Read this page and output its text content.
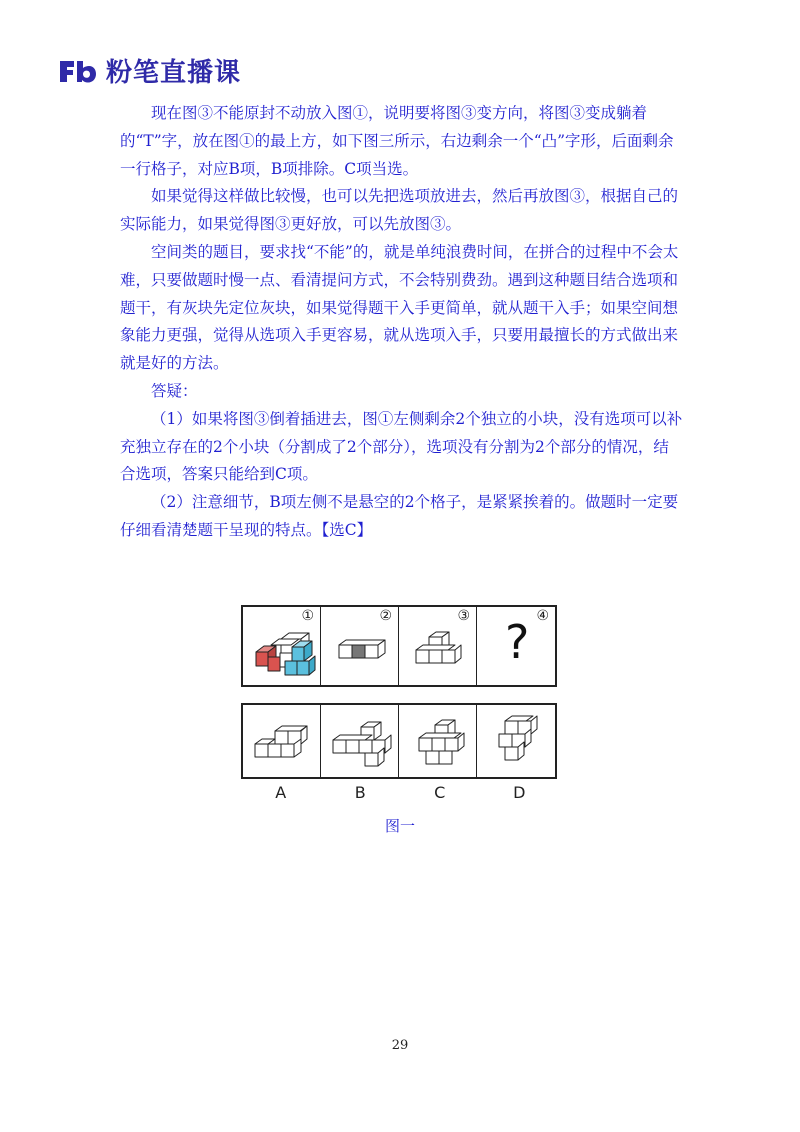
粉笔直播课

现在图③不能原封不动放入图①，说明要将图③变方向，将图③变成躺着的“T”字，放在图①的最上方，如下图三所示，右边剩余一个“凸”字形，后面剩余一行格子，对应B项，B项排除。C项当选。

如果觉得这样做比较慢，也可以先把选项放进去，然后再放图③，根据自己的实际能力，如果觉得图③更好放，可以先放图③。

空间类的题目，要求找“不能”的，就是单纯浪费时间，在拼合的过程中不会太难，只要做题时慢一点、看清提问方式，不会特别费劲。遇到这种题目结合选项和题干，有灰块先定位灰块，如果觉得题干入手更简单，就从题干入手；如果空间想象能力更强，觉得从选项入手更容易，就从选项入手，只要用最擅长的方式做出来就是好的方法。

答疑：

（1）如果将图③倒着插进去，图①左侧剩余2个独立的小块，没有选项可以补充独立存在的2个小块（分割成了2个部分），选项没有分割为2个部分的情况，结合选项，答案只能给到C项。

（2）注意细节，B项左侧不是悬空的2个格子，是紧紧挨着的。做题时一定要仔细看清楚题干呈现的特点。【选C】

①	②	③	④
?
A	B	C	D
图一
29
